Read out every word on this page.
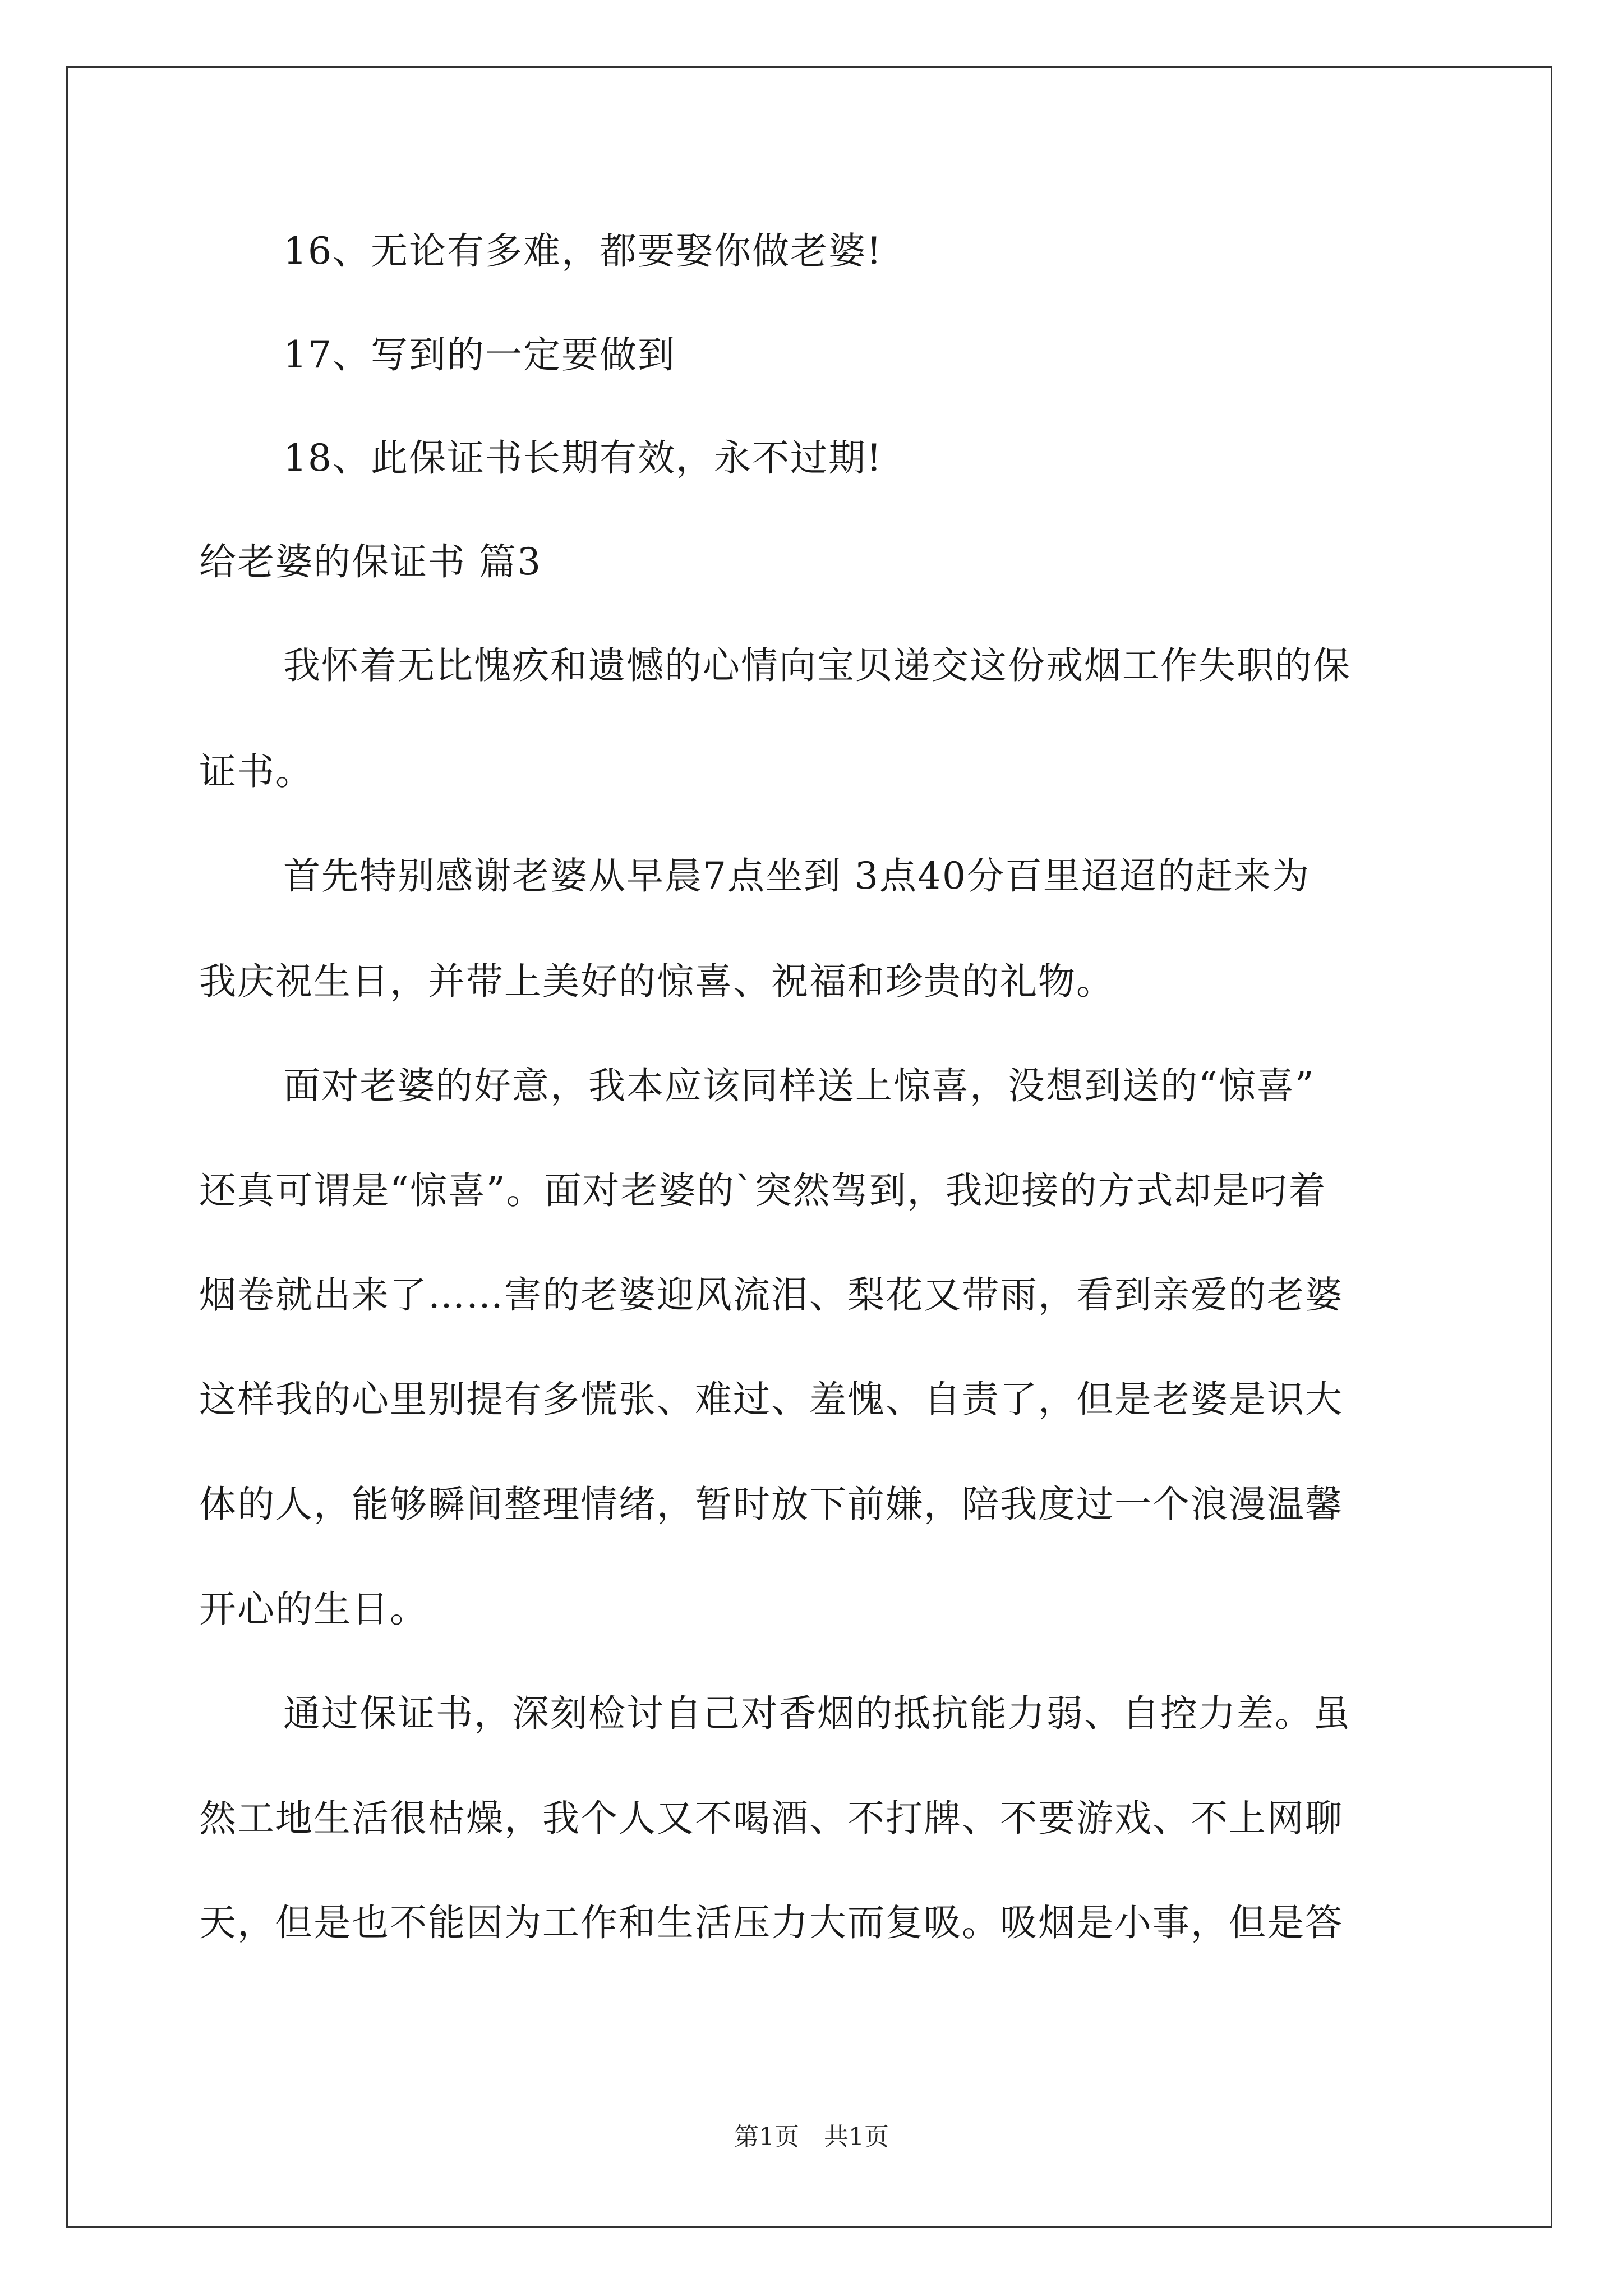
16、无论有多难，都要娶你做老婆!
17、写到的一定要做到
18、此保证书长期有效，永不过期!
给老婆的保证书 篇3
我怀着无比愧疚和遗憾的心情向宝贝递交这份戒烟工作失职的保
证书。
首先特别感谢老婆从早晨7点坐到 3点40分百里迢迢的赶来为
我庆祝生日，并带上美好的惊喜、祝福和珍贵的礼物。
面对老婆的好意，我本应该同样送上惊喜，没想到送的“惊喜”
还真可谓是“惊喜”。面对老婆的`突然驾到，我迎接的方式却是叼着
烟卷就出来了……害的老婆迎风流泪、梨花又带雨，看到亲爱的老婆
这样我的心里别提有多慌张、难过、羞愧、自责了，但是老婆是识大
体的人，能够瞬间整理情绪，暂时放下前嫌，陪我度过一个浪漫温馨
开心的生日。
通过保证书，深刻检讨自己对香烟的抵抗能力弱、自控力差。虽
然工地生活很枯燥，我个人又不喝酒、不打牌、不要游戏、不上网聊
天，但是也不能因为工作和生活压力大而复吸。吸烟是小事，但是答
第1页　共1页
